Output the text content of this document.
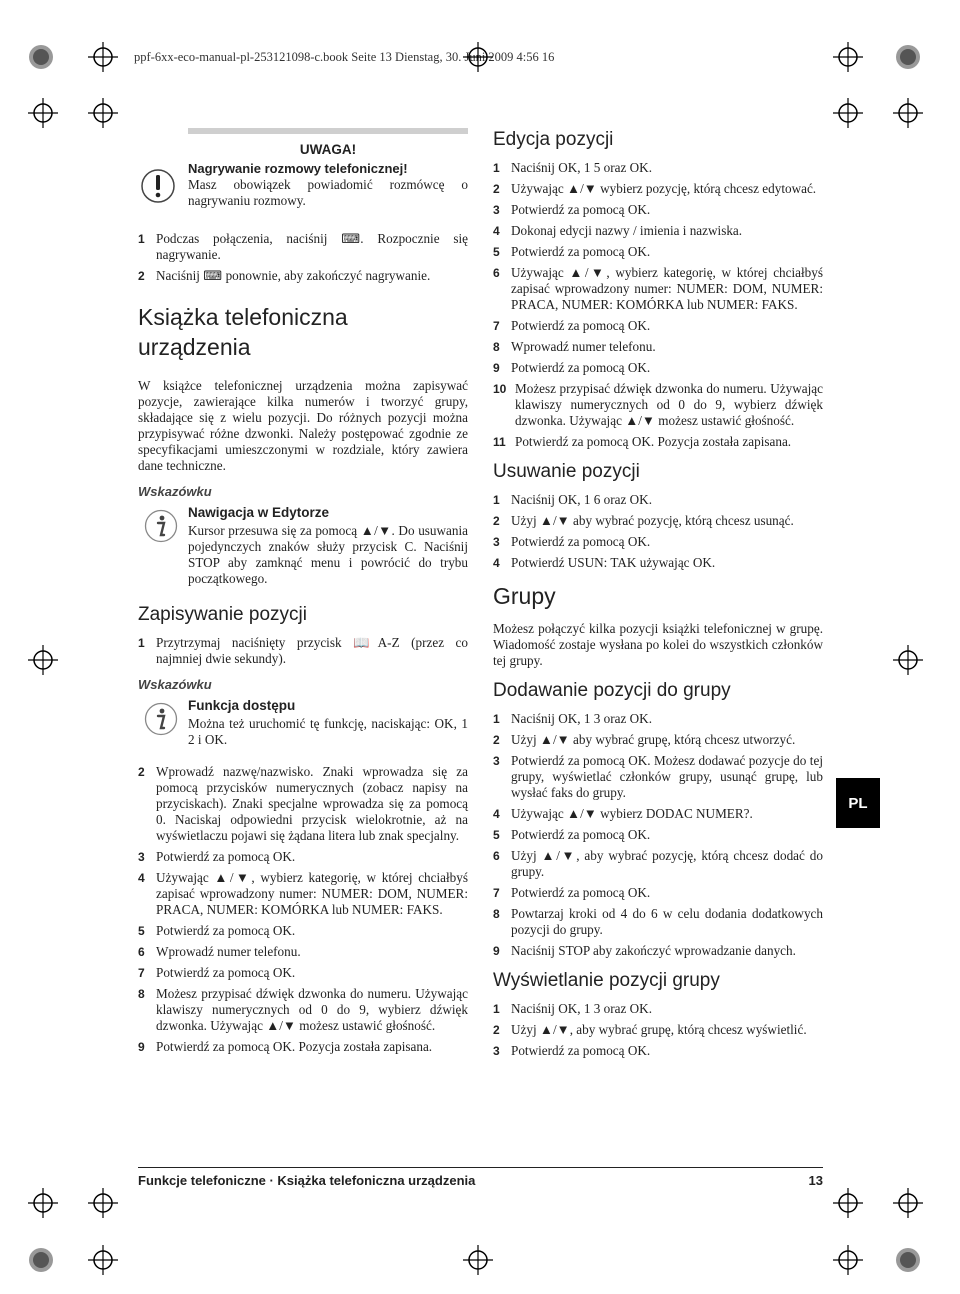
ppf-6xx-eco-manual-pl-253121098-c.book Seite 13 Dienstag, 30. Juni 2009 4:56 16
UWAGA!
Nagrywanie rozmowy telefonicznej!
Masz obowiązek powiadomić rozmówcę o nagrywaniu rozmowy.
1 Podczas połączenia, naciśnij ⌨. Rozpocznie się nagrywanie.
2 Naciśnij ⌨ ponownie, aby zakończyć nagrywanie.
Książka telefoniczna urządzenia

W książce telefonicznej urządzenia można zapisywać pozycje, zawierające kilka numerów i tworzyć grupy, składające się z wielu pozycji. Do różnych pozycji można przypisywać różne dzwonki. Należy postępować zgodnie ze specyfikacjami umieszczonymi w rozdziale, który zawiera dane techniczne.

Wskazówku
Nawigacja w Edytorze
Kursor przesuwa się za pomocą ▲/▼. Do usuwania pojedynczych znaków służy przycisk C. Naciśnij STOP aby zamknąć menu i powrócić do trybu początkowego.
Zapisywanie pozycji
1 Przytrzymaj naciśnięty przycisk 📖A-Z (przez co najmniej dwie sekundy).
Wskazówku
Funkcja dostępu
Można też uruchomić tę funkcję, naciskając: OK, 1 2 i OK.
2 Wprowadź nazwę/nazwisko. Znaki wprowadza się za pomocą przycisków numerycznych (zobacz napisy na przyciskach). Znaki specjalne wprowadza się za pomocą 0. Naciskaj odpowiedni przycisk wielokrotnie, aż na wyświetlaczu pojawi się żądana litera lub znak specjalny.
3 Potwierdź za pomocą OK.
4 Używając ▲/▼, wybierz kategorię, w której chciałbyś zapisać wprowadzony numer: NUMER: DOM, NUMER: PRACA, NUMER: KOMÓRKA lub NUMER: FAKS.
5 Potwierdź za pomocą OK.
6 Wprowadź numer telefonu.
7 Potwierdź za pomocą OK.
8 Możesz przypisać dźwięk dzwonka do numeru. Używając klawiszy numerycznych od 0 do 9, wybierz dźwięk dzwonka. Używając ▲/▼ możesz ustawić głośność.
9 Potwierdź za pomocą OK. Pozycja została zapisana.
Edycja pozycji
1 Naciśnij OK, 1 5 oraz OK.
2 Używając ▲/▼ wybierz pozycję, którą chcesz edytować.
3 Potwierdź za pomocą OK.
4 Dokonaj edycji nazwy / imienia i nazwiska.
5 Potwierdź za pomocą OK.
6 Używając ▲/▼, wybierz kategorię, w której chciałbyś zapisać wprowadzony numer: NUMER: DOM, NUMER: PRACA, NUMER: KOMÓRKA lub NUMER: FAKS.
7 Potwierdź za pomocą OK.
8 Wprowadź numer telefonu.
9 Potwierdź za pomocą OK.
10 Możesz przypisać dźwięk dzwonka do numeru. Używając klawiszy numerycznych od 0 do 9, wybierz dźwięk dzwonka. Używając ▲/▼ możesz ustawić głośność.
11 Potwierdź za pomocą OK. Pozycja została zapisana.
Usuwanie pozycji
1 Naciśnij OK, 1 6 oraz OK.
2 Użyj ▲/▼ aby wybrać pozycję, którą chcesz usunąć.
3 Potwierdź za pomocą OK.
4 Potwierdź USUN: TAK używając OK.
Grupy

Możesz połączyć kilka pozycji książki telefonicznej w grupę. Wiadomość zostaje wysłana po kolei do wszystkich członków tej grupy.

Dodawanie pozycji do grupy
1 Naciśnij OK, 1 3 oraz OK.
2 Użyj ▲/▼ aby wybrać grupę, którą chcesz utworzyć.
3 Potwierdź za pomocą OK. Możesz dodawać pozycje do tej grupy, wyświetlać członków grupy, usunąć grupę, lub wysłać faks do grupy.
4 Używając ▲/▼ wybierz DODAC NUMER?.
5 Potwierdź za pomocą OK.
6 Użyj ▲/▼, aby wybrać pozycję, którą chcesz dodać do grupy.
7 Potwierdź za pomocą OK.
8 Powtarzaj kroki od 4 do 6 w celu dodania dodatkowych pozycji do grupy.
9 Naciśnij STOP aby zakończyć wprowadzanie danych.
Wyświetlanie pozycji grupy
1 Naciśnij OK, 1 3 oraz OK.
2 Użyj ▲/▼, aby wybrać grupę, którą chcesz wyświetlić.
3 Potwierdź za pomocą OK.
PL
Funkcje telefoniczne · Książka telefoniczna urządzenia	13
